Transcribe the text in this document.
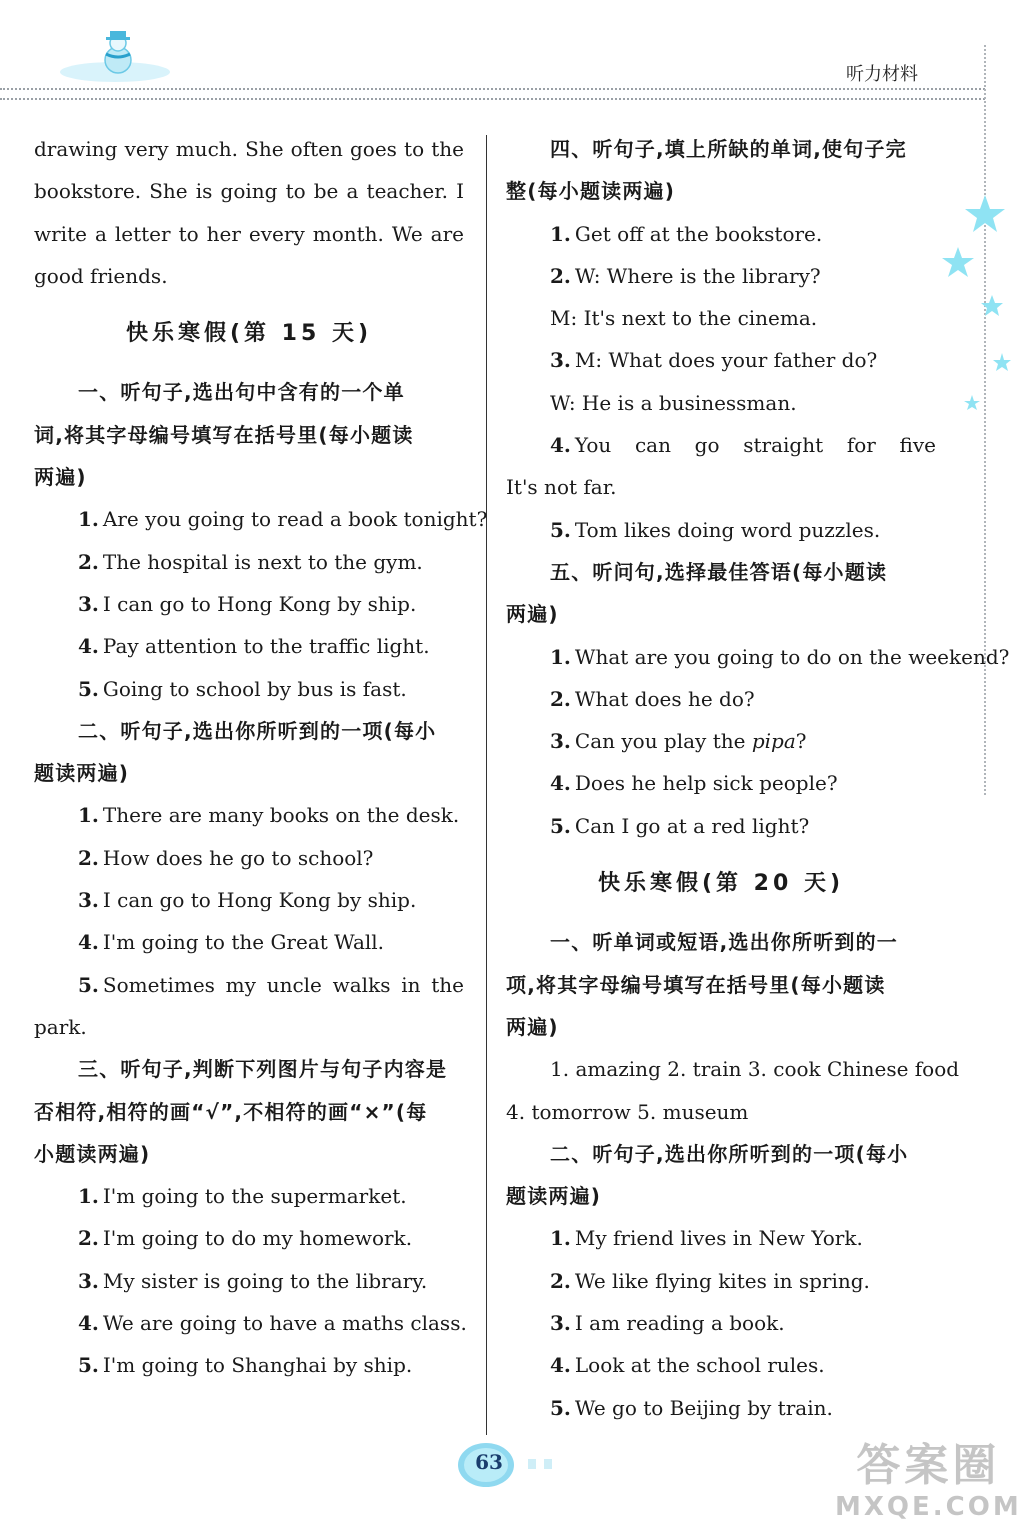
听力材料
drawing very much. She often goes to the
bookstore. She is going to be a teacher. I
write a letter to her every month. We are
good friends.
快乐寒假(第 15 天)
一、听句子,选出句中含有的一个单
词,将其字母编号填写在括号里(每小题读
两遍)
1. Are you going to read a book tonight?
2. The hospital is next to the gym.
3. I can go to Hong Kong by ship.
4. Pay attention to the traffic light.
5. Going to school by bus is fast.
二、听句子,选出你所听到的一项(每小
题读两遍)
1. There are many books on the desk.
2. How does he go to school?
3. I can go to Hong Kong by ship.
4. I'm going to the Great Wall.
5. Sometimes my uncle walks in the
park.
三、听句子,判断下列图片与句子内容是
否相符,相符的画“√”,不相符的画“×”(每
小题读两遍)
1. I'm going to the supermarket.
2. I'm going to do my homework.
3. My sister is going to the library.
4. We are going to have a maths class.
5. I'm going to Shanghai by ship.
四、听句子,填上所缺的单词,使句子完
整(每小题读两遍)
1. Get off at the bookstore.
2. W: Where is the library?
M: It's next to the cinema.
3. M: What does your father do?
W: He is a businessman.
4. You can go straight for five
It's not far.
5. Tom likes doing word puzzles.
五、听问句,选择最佳答语(每小题读
两遍)
1. What are you going to do on the weekend?
2. What does he do?
3. Can you play the pipa?
4. Does he help sick people?
5. Can I go at a red light?
快乐寒假(第 20 天)
一、听单词或短语,选出你所听到的一
项,将其字母编号填写在括号里(每小题读
两遍)
1. amazing 2. train 3. cook Chinese food
4. tomorrow 5. museum
二、听句子,选出你所听到的一项(每小
题读两遍)
1. My friend lives in New York.
2. We like flying kites in spring.
3. I am reading a book.
4. Look at the school rules.
5. We go to Beijing by train.
63	答案圈
MXQE.COM
